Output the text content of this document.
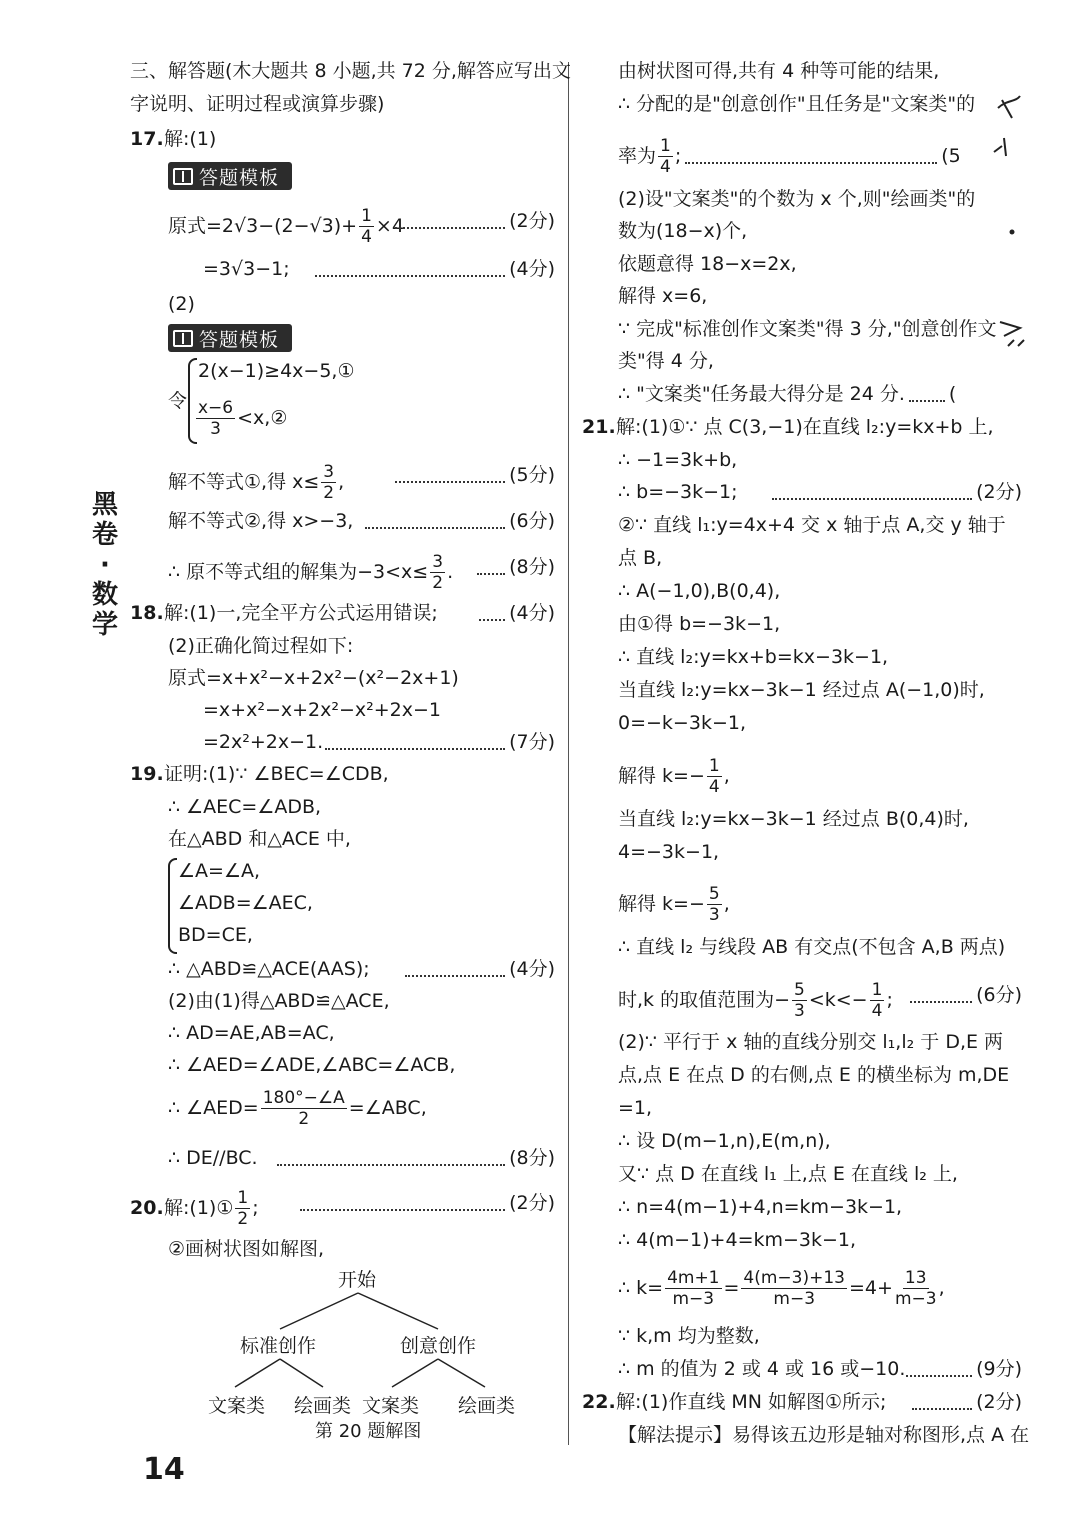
黑卷·数学
14
三、解答题(木大题共 8 小题,共 72 分,解答应写出文
字说明、证明过程或演算步骤)
17.解:(1)
答题模板
原式$=2√3-(2-√3)+ \frac{1}{4} \times 4$	(2分)
=3√3−1;	(4分)
(2)
答题模板
令
2(x−1)≥4x−5,①
$\frac{x-6}{3}$ <x,②
解不等式①,得 $x\le \frac{3}{2}$ ,	(5分)
解不等式②,得 x>−3,	(6分)
∴ 原不等式组的解集为$-3<x\le \frac{3}{2}$ .	(8分)
18.解:(1)一,完全平方公式运用错误;	(4分)
(2)正确化简过程如下:
原式=x+x²−x+2x²−(x²−2x+1)
=x+x²−x+2x²−x²+2x−1
=2x²+2x−1.	(7分)
19.证明:(1)∵ ∠BEC=∠CDB,
∴ ∠AEC=∠ADB,
在△ABD 和△ACE 中,
∠A=∠A,
∠ADB=∠AEC,
BD=CE,
∴ △ABD≌△ACE(AAS);	(4分)
(2)由(1)得△ABD≌△ACE,
∴ AD=AE,AB=AC,
∴ ∠AED=∠ADE,∠ABC=∠ACB,
∴ ∠AED= $\frac{180^\circ-\angle A}{2}$ =∠ABC,
∴ DE//BC.	(8分)
20.解:(1)① $\frac{1}{2}$ ;	(2分)
②画树状图如解图,
开始
标准创作	创意创作
文案类 绘画类 文案类 绘画类
第 20 题解图
由树状图可得,共有 4 种等可能的结果,
∴ 分配的是"创意创作"且任务是"文案类"的
率为 $\frac{1}{4}$ ;	(5
(2)设"文案类"的个数为 x 个,则"绘画类"的
数为(18−x)个,
依题意得 18−x=2x,
解得 x=6,
∵ 完成"标准创作文案类"得 3 分,"创意创作文
类"得 4 分,
∴ "文案类"任务最大得分是 24 分. (
21.解:(1)①∵ 点 C(3,−1)在直线 l₂:y=kx+b 上,
∴ −1=3k+b,
∴ b=−3k−1;	(2分)
②∵ 直线 l₁:y=4x+4 交 x 轴于点 A,交 y 轴于
点 B,
∴ A(−1,0),B(0,4),
由①得 b=−3k−1,
∴ 直线 l₂:y=kx+b=kx−3k−1,
当直线 l₂:y=kx−3k−1 经过点 A(−1,0)时,
0=−k−3k−1,
解得 $k=- \frac{1}{4}$ ,
当直线 l₂:y=kx−3k−1 经过点 B(0,4)时,
4=−3k−1,
解得 $k=- \frac{5}{3}$ ,
∴ 直线 l₂ 与线段 AB 有交点(不包含 A,B 两点)
时,k 的取值范围为− $\frac{5}{3} <k<- \frac{1}{4}$ ;	(6分)
(2)∵ 平行于 x 轴的直线分别交 l₁,l₂ 于 D,E 两
点,点 E 在点 D 的右侧,点 E 的横坐标为 m,DE
=1,
∴ 设 D(m−1,n),E(m,n),
又∵ 点 D 在直线 l₁ 上,点 E 在直线 l₂ 上,
∴ n=4(m−1)+4,n=km−3k−1,
∴ 4(m−1)+4=km−3k−1,
∴ $k= \frac{4m+1}{m-3} = \frac{4(m-3)+13}{m-3} =4+ \frac{13}{m-3}$ ,
∵ k,m 均为整数,
∴ m 的值为 2 或 4 或 16 或−10.	(9分)
22.解:(1)作直线 MN 如解图①所示;	(2分)
【解法提示】易得该五边形是轴对称图形,点 A 在
